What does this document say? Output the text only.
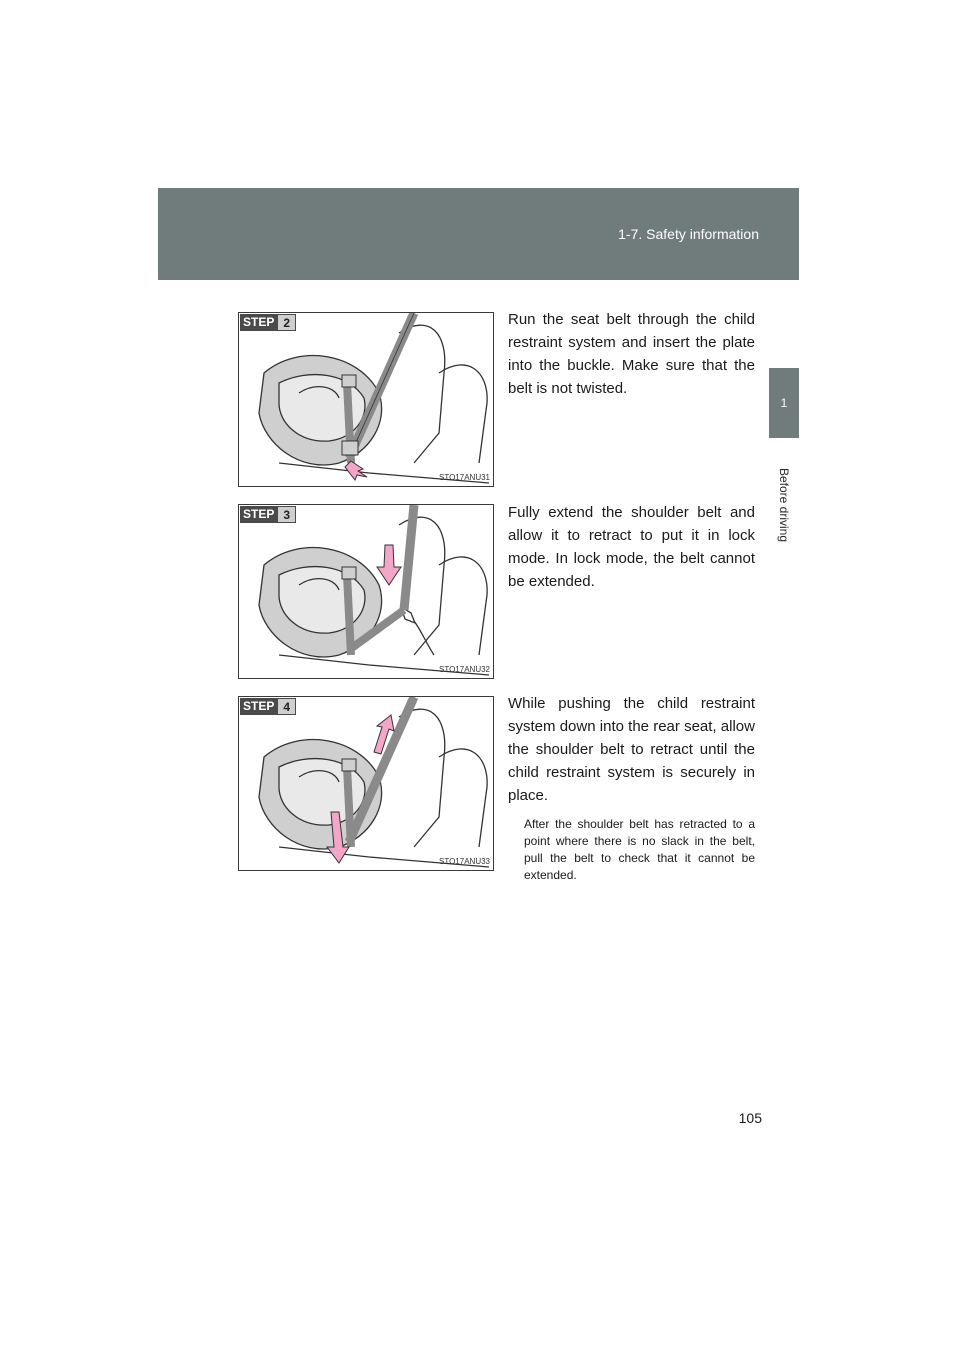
1-7. Safety information
1
Before driving
STEP 2
STO17ANU31

Run the seat belt through the child restraint system and insert the plate into the buckle. Make sure that the belt is not twisted.

STEP 3
STO17ANU32

Fully extend the shoulder belt and allow it to retract to put it in lock mode. In lock mode, the belt cannot be extended.

STEP 4
STO17ANU33

While pushing the child restraint system down into the rear seat, allow the shoulder belt to retract until the child restraint system is securely in place.

After the shoulder belt has retracted to a point where there is no slack in the belt, pull the belt to check that it cannot be extended.

105
